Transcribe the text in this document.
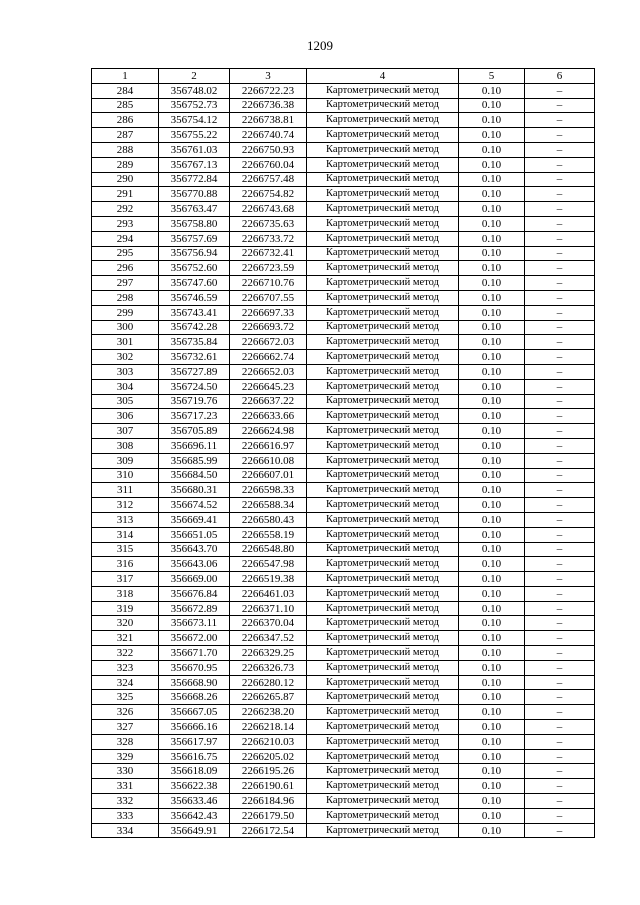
1209
1	2	3	4	5	6
284	356748.02	2266722.23	Картометрический метод	0.10	–
285	356752.73	2266736.38	Картометрический метод	0.10	–
286	356754.12	2266738.81	Картометрический метод	0.10	–
287	356755.22	2266740.74	Картометрический метод	0.10	–
288	356761.03	2266750.93	Картометрический метод	0.10	–
289	356767.13	2266760.04	Картометрический метод	0.10	–
290	356772.84	2266757.48	Картометрический метод	0.10	–
291	356770.88	2266754.82	Картометрический метод	0.10	–
292	356763.47	2266743.68	Картометрический метод	0.10	–
293	356758.80	2266735.63	Картометрический метод	0.10	–
294	356757.69	2266733.72	Картометрический метод	0.10	–
295	356756.94	2266732.41	Картометрический метод	0.10	–
296	356752.60	2266723.59	Картометрический метод	0.10	–
297	356747.60	2266710.76	Картометрический метод	0.10	–
298	356746.59	2266707.55	Картометрический метод	0.10	–
299	356743.41	2266697.33	Картометрический метод	0.10	–
300	356742.28	2266693.72	Картометрический метод	0.10	–
301	356735.84	2266672.03	Картометрический метод	0.10	–
302	356732.61	2266662.74	Картометрический метод	0.10	–
303	356727.89	2266652.03	Картометрический метод	0.10	–
304	356724.50	2266645.23	Картометрический метод	0.10	–
305	356719.76	2266637.22	Картометрический метод	0.10	–
306	356717.23	2266633.66	Картометрический метод	0.10	–
307	356705.89	2266624.98	Картометрический метод	0.10	–
308	356696.11	2266616.97	Картометрический метод	0.10	–
309	356685.99	2266610.08	Картометрический метод	0.10	–
310	356684.50	2266607.01	Картометрический метод	0.10	–
311	356680.31	2266598.33	Картометрический метод	0.10	–
312	356674.52	2266588.34	Картометрический метод	0.10	–
313	356669.41	2266580.43	Картометрический метод	0.10	–
314	356651.05	2266558.19	Картометрический метод	0.10	–
315	356643.70	2266548.80	Картометрический метод	0.10	–
316	356643.06	2266547.98	Картометрический метод	0.10	–
317	356669.00	2266519.38	Картометрический метод	0.10	–
318	356676.84	2266461.03	Картометрический метод	0.10	–
319	356672.89	2266371.10	Картометрический метод	0.10	–
320	356673.11	2266370.04	Картометрический метод	0.10	–
321	356672.00	2266347.52	Картометрический метод	0.10	–
322	356671.70	2266329.25	Картометрический метод	0.10	–
323	356670.95	2266326.73	Картометрический метод	0.10	–
324	356668.90	2266280.12	Картометрический метод	0.10	–
325	356668.26	2266265.87	Картометрический метод	0.10	–
326	356667.05	2266238.20	Картометрический метод	0.10	–
327	356666.16	2266218.14	Картометрический метод	0.10	–
328	356617.97	2266210.03	Картометрический метод	0.10	–
329	356616.75	2266205.02	Картометрический метод	0.10	–
330	356618.09	2266195.26	Картометрический метод	0.10	–
331	356622.38	2266190.61	Картометрический метод	0.10	–
332	356633.46	2266184.96	Картометрический метод	0.10	–
333	356642.43	2266179.50	Картометрический метод	0.10	–
334	356649.91	2266172.54	Картометрический метод	0.10	–
